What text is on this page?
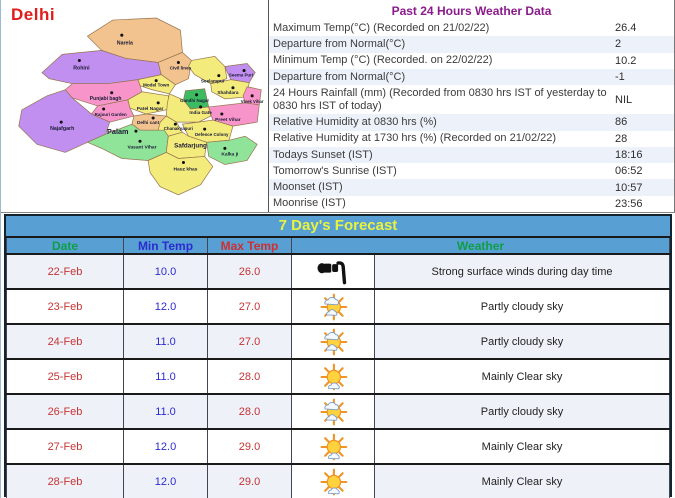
Delhi
Narela
Rohini	Civil lines
Model Town
Seelampur
Seema Puri
Shahdara
Vivek Vihar
Gandhi Nagar
Punjabi bagh
Patel Nagar
Rajouri Garden
Najafgarh
Delhi cant
India Gate
Preet Vihar
Chanakyapuri
Defence Colony
Palam
Vasant Vihar	Safdarjung
Kalka ji
Hauz khas
Past 24 Hours Weather Data
Maximum Temp(°C) (Recorded on 21/02/22)	26.4
Departure from Normal(°C)	2
Minimum Temp (°C) (Recorded. on 22/02/22)	10.2
Departure from Normal(°C)	-1
24 Hours Rainfall (mm) (Recorded from 0830 hrs IST of yesterday to 0830 hrs IST of today)	NIL
Relative Humidity at 0830 hrs (%)	86
Relative Humidity at 1730 hrs (%) (Recorded on 21/02/22)	28
Todays Sunset (IST)	18:16
Tomorrow's Sunrise (IST)	06:52
Moonset (IST)	10:57
Moonrise (IST)	23:56
7 Day's Forecast
Date	Min Temp	Max Temp	Weather	
22-Feb	10.0	26.0		Strong surface winds during day time
23-Feb	12.0	27.0		Partly cloudy sky
24-Feb	11.0	27.0		Partly cloudy sky
25-Feb	11.0	28.0		Mainly Clear sky
26-Feb	11.0	28.0		Partly cloudy sky
27-Feb	12.0	29.0		Mainly Clear sky
28-Feb	12.0	29.0		Mainly Clear sky
